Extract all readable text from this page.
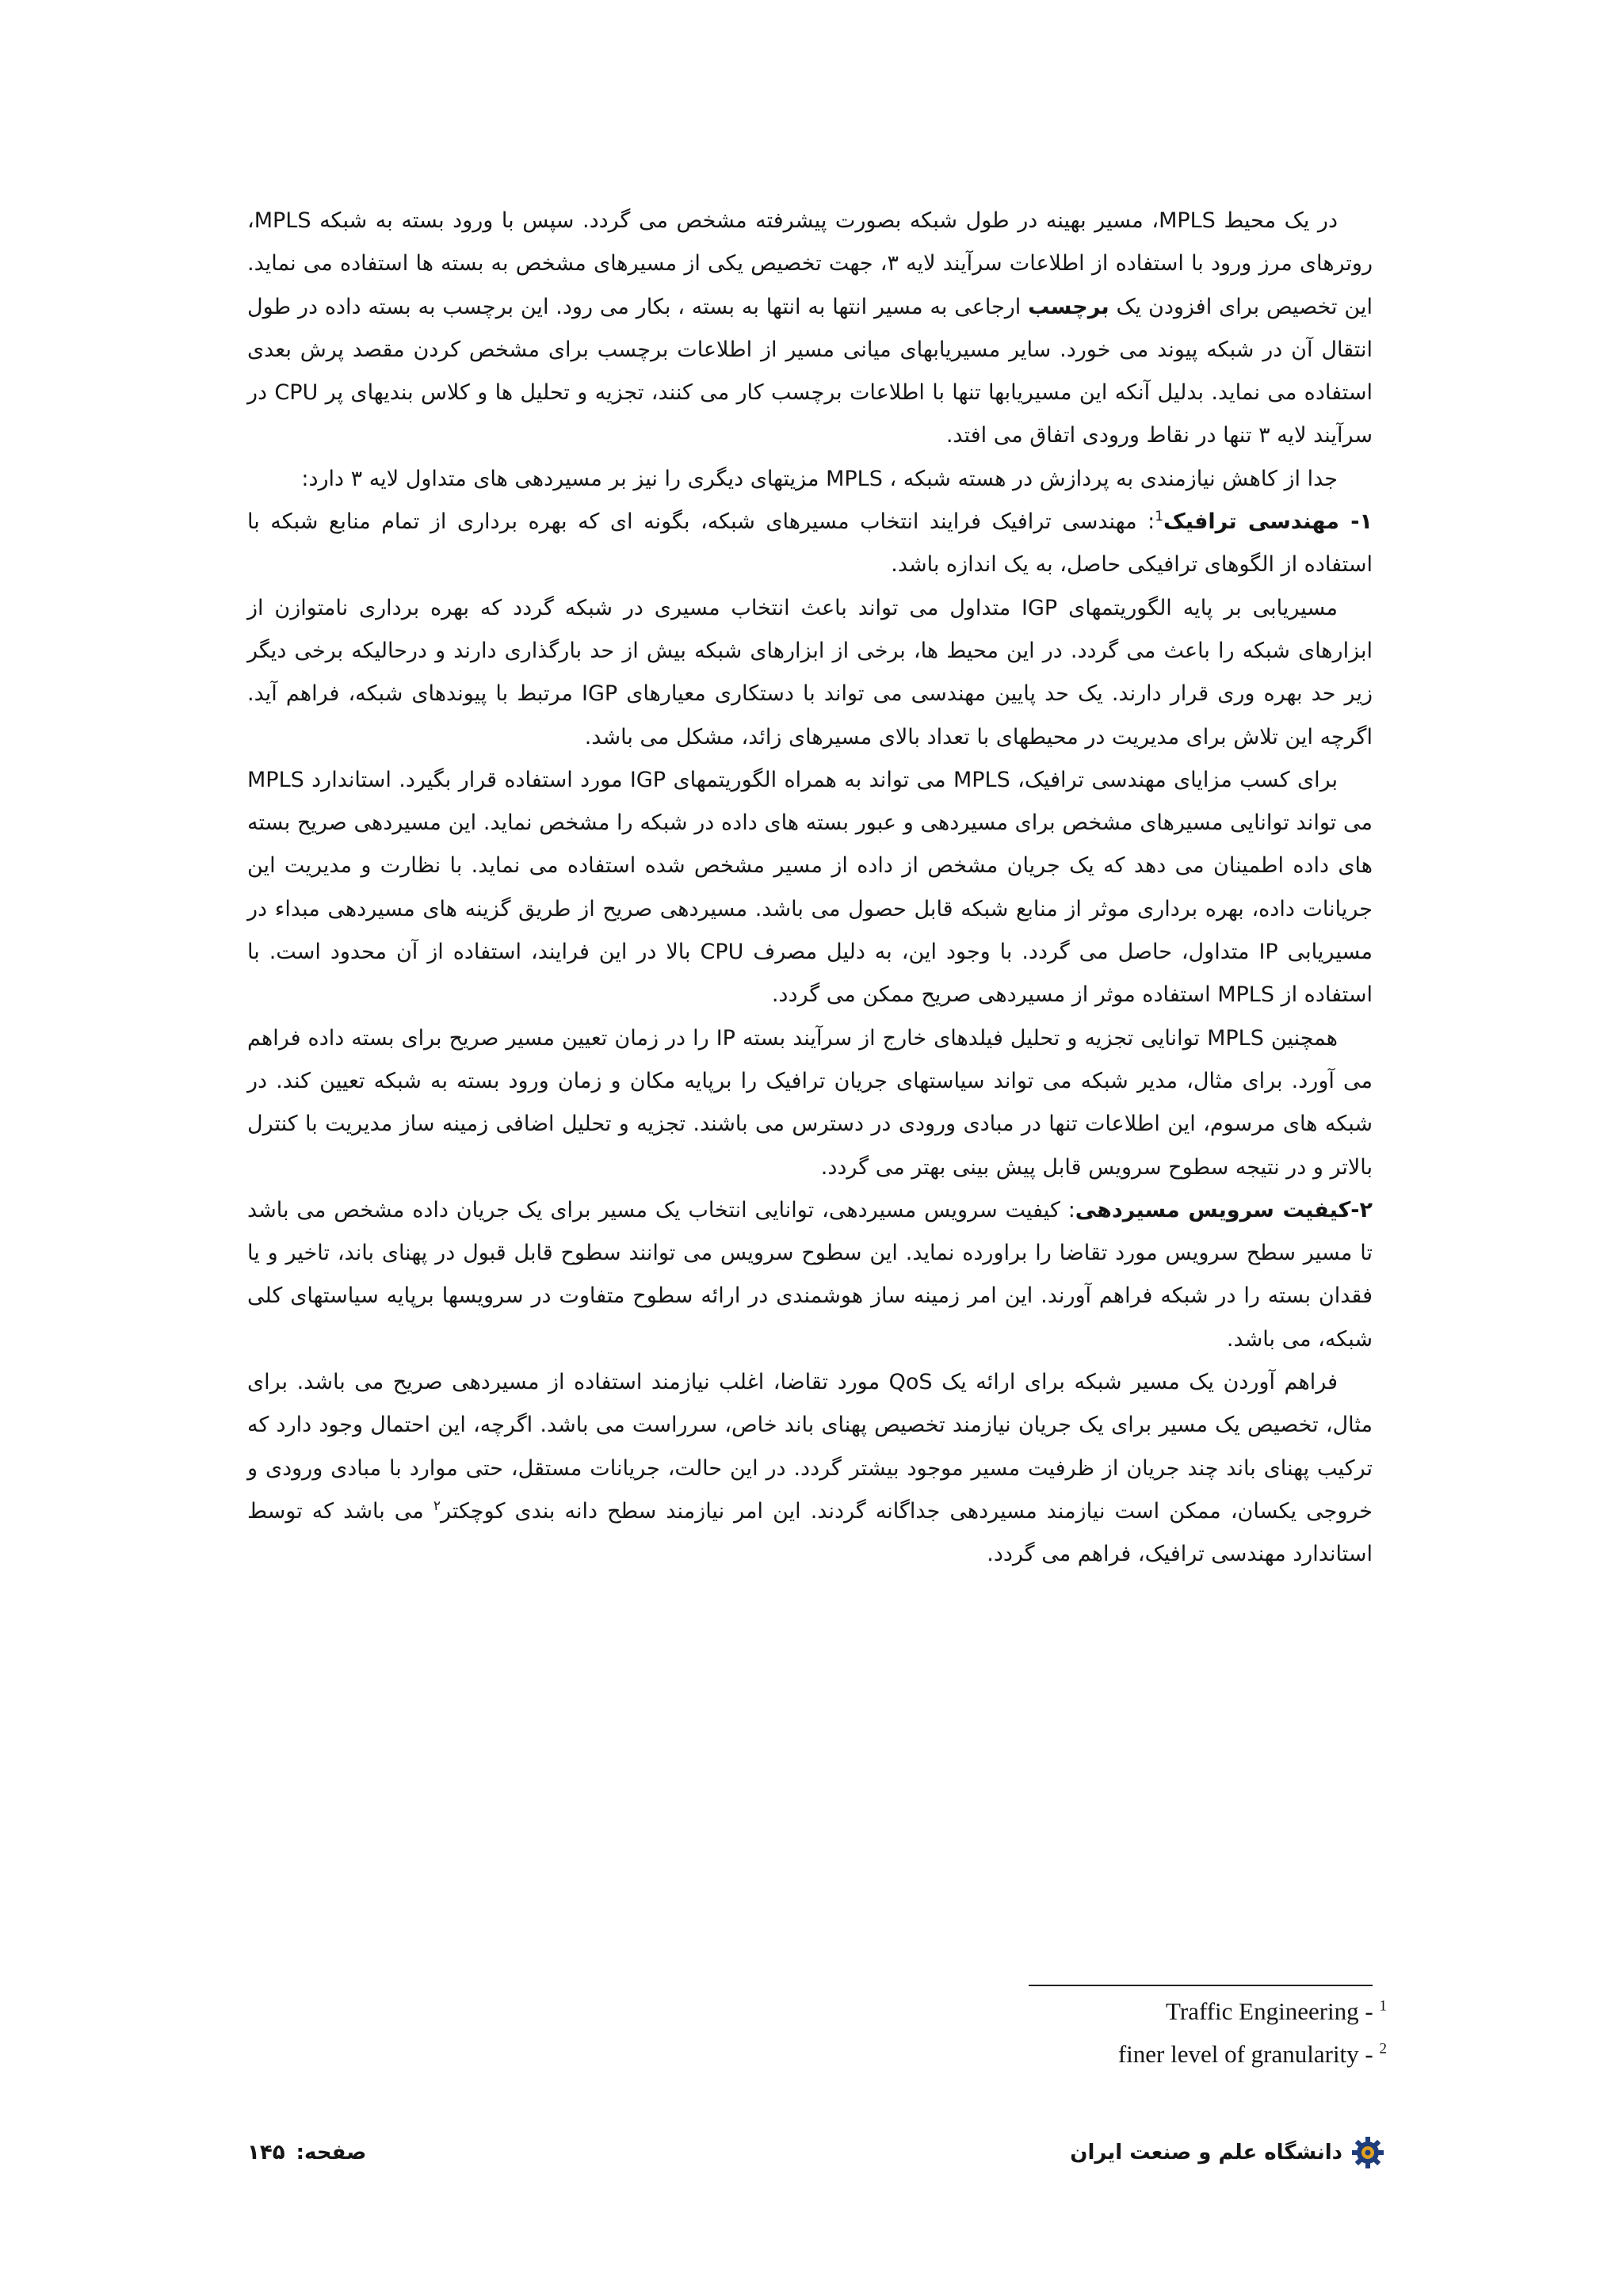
در یک محیط MPLS، مسیر بهینه در طول شبکه بصورت پیشرفته مشخص می گردد. سپس با ورود بسته به شبکه MPLS، روترهای مرز ورود با استفاده از اطلاعات سرآیند لایه ۳، جهت تخصیص یکی از مسیرهای مشخص به بسته ها استفاده می نماید. این تخصیص برای افزودن یک برچسب ارجاعی به مسیر انتها به انتها به بسته ، بکار می رود. این برچسب به بسته داده در طول انتقال آن در شبکه پیوند می خورد. سایر مسیریابهای میانی مسیر از اطلاعات برچسب برای مشخص کردن مقصد پرش بعدی استفاده می نماید. بدلیل آنکه این مسیریابها تنها با اطلاعات برچسب کار می کنند، تجزیه و تحلیل ها و کلاس بندیهای پر CPU در سرآیند لایه ۳ تنها در نقاط ورودی اتفاق می افتد.

جدا از کاهش نیازمندی به پردازش در هسته شبکه ، MPLS مزیتهای دیگری را نیز بر مسیردهی های متداول لایه ۳ دارد:

۱- مهندسی ترافیک$^1$: مهندسی ترافیک فرایند انتخاب مسیرهای شبکه، بگونه ای که بهره برداری از تمام منابع شبکه با استفاده از الگوهای ترافیکی حاصل، به یک اندازه باشد.

مسیریابی بر پایه الگوریتمهای IGP متداول می تواند باعث انتخاب مسیری در شبکه گردد که بهره برداری نامتوازن از ابزارهای شبکه را باعث می گردد. در این محیط ها، برخی از ابزارهای شبکه بیش از حد بارگذاری دارند و درحالیکه برخی دیگر زیر حد بهره وری قرار دارند. یک حد پایین مهندسی می تواند با دستکاری معیارهای IGP مرتبط با پیوندهای شبکه، فراهم آید. اگرچه این تلاش برای مدیریت در محیطهای با تعداد بالای مسیرهای زائد، مشکل می باشد.

برای کسب مزایای مهندسی ترافیک، MPLS می تواند به همراه الگوریتمهای IGP مورد استفاده قرار بگیرد. استاندارد MPLS می تواند توانایی مسیرهای مشخص برای مسیردهی و عبور بسته های داده در شبکه را مشخص نماید. این مسیردهی صریح بسته های داده اطمینان می دهد که یک جریان مشخص از داده از مسیر مشخص شده استفاده می نماید. با نظارت و مدیریت این جریانات داده، بهره برداری موثر از منابع شبکه قابل حصول می باشد. مسیردهی صریح از طریق گزینه های مسیردهی مبداء در مسیریابی IP متداول، حاصل می گردد. با وجود این، به دلیل مصرف CPU بالا در این فرایند، استفاده از آن محدود است. با استفاده از MPLS استفاده موثر از مسیردهی صریح ممکن می گردد.

همچنین MPLS توانایی تجزیه و تحلیل فیلدهای خارج از سرآیند بسته IP را در زمان تعیین مسیر صریح برای بسته داده فراهم می آورد. برای مثال، مدیر شبکه می تواند سیاستهای جریان ترافیک را برپایه مکان و زمان ورود بسته به شبکه تعیین کند. در شبکه های مرسوم، این اطلاعات تنها در مبادی ورودی در دسترس می باشند. تجزیه و تحلیل اضافی زمینه ساز مدیریت با کنترل بالاتر و در نتیجه سطوح سرویس قابل پیش بینی بهتر می گردد.

۲-کیفیت سرویس مسیردهی: کیفیت سرویس مسیردهی، توانایی انتخاب یک مسیر برای یک جریان داده مشخص می باشد تا مسیر سطح سرویس مورد تقاضا را براورده نماید. این سطوح سرویس می توانند سطوح قابل قبول در پهنای باند، تاخیر و یا فقدان بسته را در شبکه فراهم آورند. این امر زمینه ساز هوشمندی در ارائه سطوح متفاوت در سرویسها برپایه سیاستهای کلی شبکه، می باشد.

فراهم آوردن یک مسیر شبکه برای ارائه یک QoS مورد تقاضا، اغلب نیازمند استفاده از مسیردهی صریح می باشد. برای مثال، تخصیص یک مسیر برای یک جریان نیازمند تخصیص پهنای باند خاص، سرراست می باشد. اگرچه، این احتمال وجود دارد که ترکیب پهنای باند چند جریان از ظرفیت مسیر موجود بیشتر گردد. در این حالت، جریانات مستقل، حتی موارد با مبادی ورودی و خروجی یکسان، ممکن است نیازمند مسیردهی جداگانه گردند. این امر نیازمند سطح دانه بندی کوچکتر$^۲$ می باشد که توسط استاندارد مهندسی ترافیک، فراهم می گردد.

Traffic Engineering - $^1$
finer level of granularity - $^2$
دانشگاه علم و صنعت ایران
صفحه:
۱۴۵
